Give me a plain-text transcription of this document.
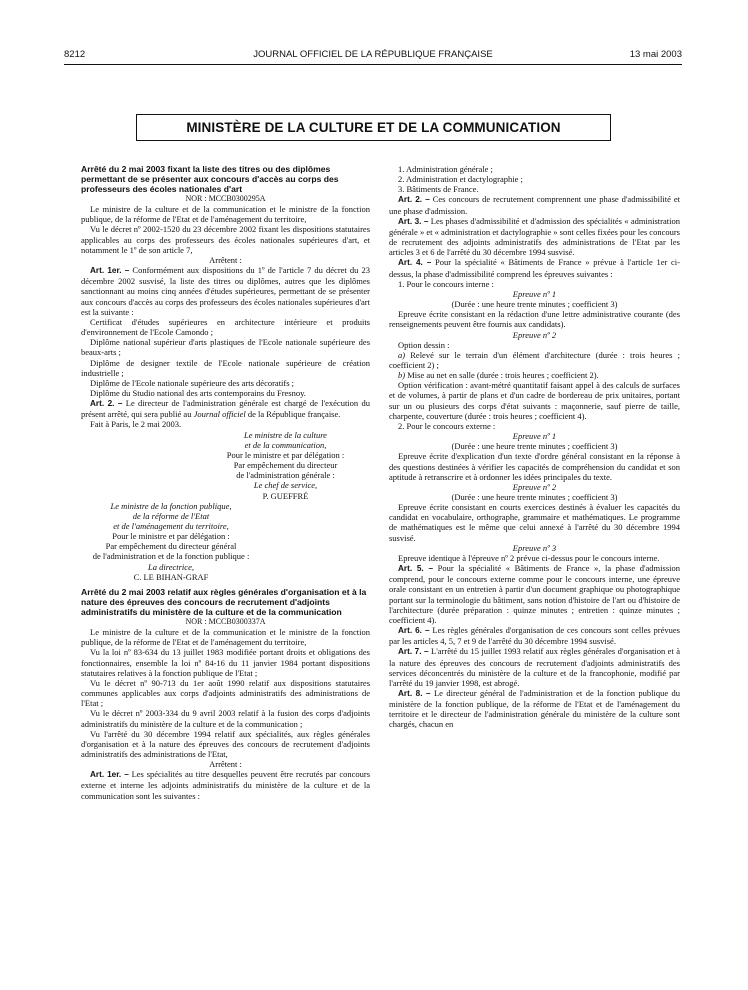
8212	JOURNAL OFFICIEL DE LA RÉPUBLIQUE FRANÇAISE	13 mai 2003
MINISTÈRE DE LA CULTURE ET DE LA COMMUNICATION

Arrêté du 2 mai 2003 fixant la liste des titres ou des diplômes permettant de se présenter aux concours d'accès au corps des professeurs des écoles nationales d'art

NOR : MCCB0300295A

Le ministre de la culture et de la communication et le ministre de la fonction publique, de la réforme de l'Etat et de l'aménagement du territoire,

Vu le décret nº 2002-1520 du 23 décembre 2002 fixant les dispositions statutaires applicables au corps des professeurs des écoles nationales supérieures d'art, et notamment le 1º de son article 7,

Arrêtent :

Art. 1er. – Conformément aux dispositions du 1º de l'article 7 du décret du 23 décembre 2002 susvisé, la liste des titres ou diplômes, autres que les diplômes sanctionnant au moins cinq années d'études supérieures, permettant de se présenter aux concours d'accès au corps des professeurs des écoles nationales supérieures d'art est la suivante :

Certificat d'études supérieures en architecture intérieure et produits d'environnement de l'Ecole Camondo ;

Diplôme national supérieur d'arts plastiques de l'Ecole nationale supérieure des beaux-arts ;

Diplôme de designer textile de l'Ecole nationale supérieure de création industrielle ;

Diplôme de l'Ecole nationale supérieure des arts décoratifs ;

Diplôme du Studio national des arts contemporains du Fresnoy.

Art. 2. – Le directeur de l'administration générale est chargé de l'exécution du présent arrêté, qui sera publié au Journal officiel de la République française.

Fait à Paris, le 2 mai 2003.

Le ministre de la culture
et de la communication,
Pour le ministre et par délégation :
Par empêchement du directeur
de l'administration générale :
Le chef de service,
P. GUEFFRÉ
Le ministre de la fonction publique,
de la réforme de l'Etat
et de l'aménagement du territoire,
Pour le ministre et par délégation :
Par empêchement du directeur général
de l'administration et de la fonction publique :
La directrice,
C. LE BIHAN-GRAF

Arrêté du 2 mai 2003 relatif aux règles générales d'organisation et à la nature des épreuves des concours de recrutement d'adjoints administratifs du ministère de la culture et de la communication

NOR : MCCB0300337A

Le ministre de la culture et de la communication et le ministre de la fonction publique, de la réforme de l'Etat et de l'aménagement du territoire,

Vu la loi nº 83-634 du 13 juillet 1983 modifiée portant droits et obligations des fonctionnaires, ensemble la loi nº 84-16 du 11 janvier 1984 portant dispositions statutaires relatives à la fonction publique de l'Etat ;

Vu le décret nº 90-713 du 1er août 1990 relatif aux dispositions statutaires communes applicables aux corps d'adjoints administratifs des administrations de l'Etat ;

Vu le décret nº 2003-334 du 9 avril 2003 relatif à la fusion des corps d'adjoints administratifs du ministère de la culture et de la communication ;

Vu l'arrêté du 30 décembre 1994 relatif aux spécialités, aux règles générales d'organisation et à la nature des épreuves des concours de recrutement d'adjoints administratifs des administrations de l'Etat,

Arrêtent :

Art. 1er. – Les spécialités au titre desquelles peuvent être recrutés par concours externe et interne les adjoints administratifs du ministère de la culture et de la communication sont les suivantes :

1. Administration générale ;

2. Administration et dactylographie ;

3. Bâtiments de France.

Art. 2. – Ces concours de recrutement comprennent une phase d'admissibilité et une phase d'admission.

Art. 3. – Les phases d'admissibilité et d'admission des spécialités « administration générale » et « administration et dactylographie » sont celles fixées pour les concours de recrutement des adjoints administratifs des administrations de l'Etat par les articles 3 et 6 de l'arrêté du 30 décembre 1994 susvisé.

Art. 4. – Pour la spécialité « Bâtiments de France » prévue à l'article 1er ci-dessus, la phase d'admissibilité comprend les épreuves suivantes :

1. Pour le concours interne :

Epreuve nº 1

(Durée : une heure trente minutes ; coefficient 3)

Epreuve écrite consistant en la rédaction d'une lettre administrative courante (des renseignements peuvent être fournis aux candidats).

Epreuve nº 2

Option dessin :

a) Relevé sur le terrain d'un élément d'architecture (durée : trois heures ; coefficient 2) ;

b) Mise au net en salle (durée : trois heures ; coefficient 2).

Option vérification : avant-métré quantitatif faisant appel à des calculs de surfaces et de volumes, à partir de plans et d'un cadre de bordereau de prix unitaires, portant sur un ou plusieurs des corps d'état suivants : maçonnerie, sauf pierre de taille, charpente, couverture (durée : trois heures ; coefficient 4).

2. Pour le concours externe :

Epreuve nº 1

(Durée : une heure trente minutes ; coefficient 3)

Epreuve écrite d'explication d'un texte d'ordre général consistant en la réponse à des questions destinées à vérifier les capacités de compréhension du candidat et son aptitude à retranscrire et à ordonner les idées principales du texte.

Epreuve nº 2

(Durée : une heure trente minutes ; coefficient 3)

Epreuve écrite consistant en courts exercices destinés à évaluer les capacités du candidat en vocabulaire, orthographe, grammaire et mathématiques. Le programme de mathématiques est le même que celui annexé à l'arrêté du 30 décembre 1994 susvisé.

Epreuve nº 3

Epreuve identique à l'épreuve nº 2 prévue ci-dessus pour le concours interne.

Art. 5. – Pour la spécialité « Bâtiments de France », la phase d'admission comprend, pour le concours externe comme pour le concours interne, une épreuve orale consistant en un entretien à partir d'un document graphique ou photographique portant sur la terminologie du bâtiment, sans notion d'histoire de l'art ou d'histoire de l'architecture (durée préparation : quinze minutes ; entretien : quinze minutes ; coefficient 4).

Art. 6. – Les règles générales d'organisation de ces concours sont celles prévues par les articles 4, 5, 7 et 9 de l'arrêté du 30 décembre 1994 susvisé.

Art. 7. – L'arrêté du 15 juillet 1993 relatif aux règles générales d'organisation et à la nature des épreuves des concours de recrutement d'adjoints administratifs des services déconcentrés du ministère de la culture et de la francophonie, modifié par l'arrêté du 19 janvier 1998, est abrogé.

Art. 8. – Le directeur général de l'administration et de la fonction publique du ministère de la fonction publique, de la réforme de l'Etat et de l'aménagement du territoire et le directeur de l'administration générale du ministère de la culture sont chargés, chacun en
